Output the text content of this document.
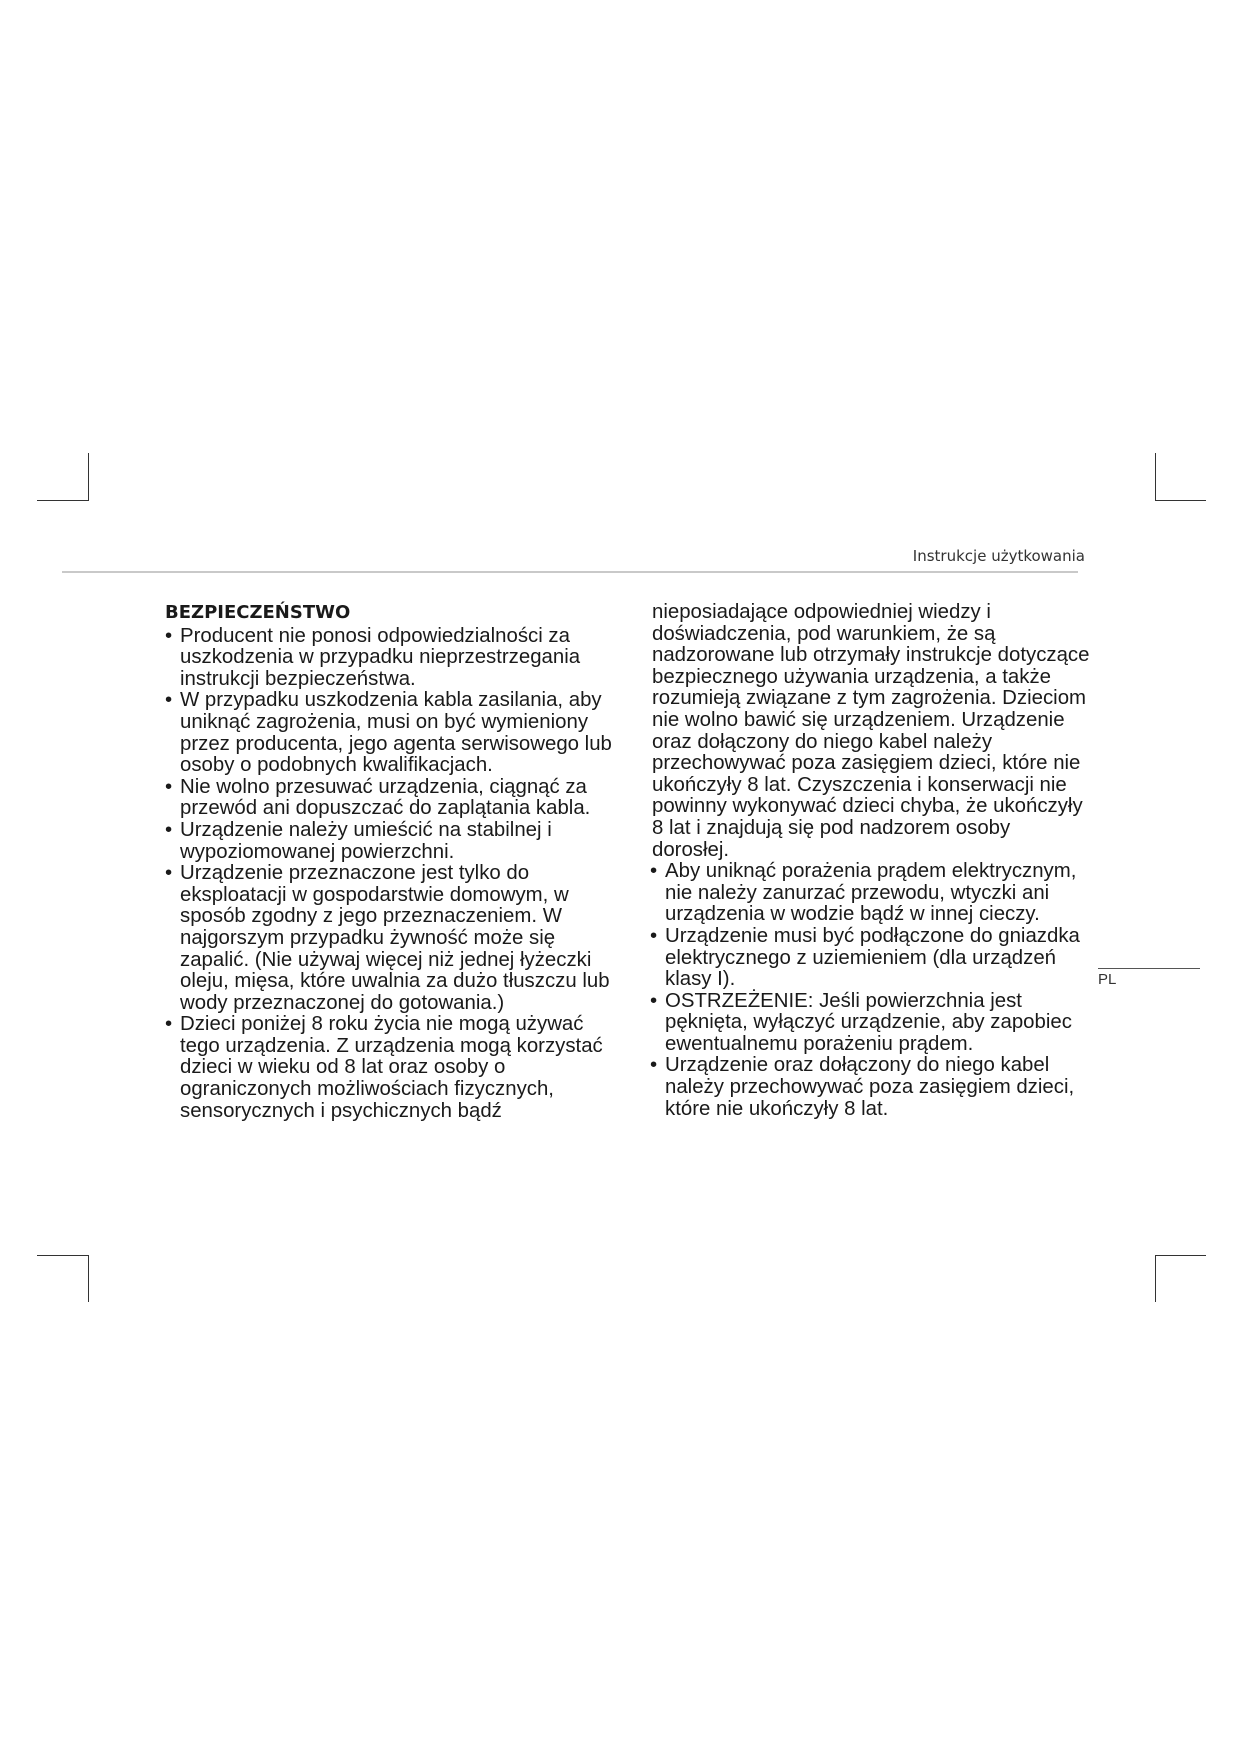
Instrukcje użytkowania
BEZPIECZEŃSTWO
• Producent nie ponosi odpowiedzialności za uszkodzenia w przypadku nieprzestrzegania instrukcji bezpieczeństwa.
• W przypadku uszkodzenia kabla zasilania, aby uniknąć zagrożenia, musi on być wymieniony przez producenta, jego agenta serwisowego lub osoby o podobnych kwalifikacjach.
• Nie wolno przesuwać urządzenia, ciągnąć za przewód ani dopuszczać do zaplątania kabla.
• Urządzenie należy umieścić na stabilnej i wypoziomowanej powierzchni.
• Urządzenie przeznaczone jest tylko do eksploatacji w gospodarstwie domowym, w sposób zgodny z jego przeznaczeniem. W najgorszym przypadku żywność może się zapalić. (Nie używaj więcej niż jednej łyżeczki oleju, mięsa, które uwalnia za dużo tłuszczu lub wody przeznaczonej do gotowania.)
• Dzieci poniżej 8 roku życia nie mogą używać tego urządzenia. Z urządzenia mogą korzystać dzieci w wieku od 8 lat oraz osoby o ograniczonych możliwościach fizycznych, sensorycznych i psychicznych bądź

nieposiadające odpowiedniej wiedzy i doświadczenia, pod warunkiem, że są nadzorowane lub otrzymały instrukcje dotyczące bezpiecznego używania urządzenia, a także rozumieją związane z tym zagrożenia. Dzieciom nie wolno bawić się urządzeniem. Urządzenie oraz dołączony do niego kabel należy przechowywać poza zasięgiem dzieci, które nie ukończyły 8 lat. Czyszczenia i konserwacji nie powinny wykonywać dzieci chyba, że ukończyły 8 lat i znajdują się pod nadzorem osoby dorosłej.

• Aby uniknąć porażenia prądem elektrycznym, nie należy zanurzać przewodu, wtyczki ani urządzenia w wodzie bądź w innej cieczy.
• Urządzenie musi być podłączone do gniazdka elektrycznego z uziemieniem (dla urządzeń klasy I).
• OSTRZEŻENIE: Jeśli powierzchnia jest pęknięta, wyłączyć urządzenie, aby zapobiec ewentualnemu porażeniu prądem.
• Urządzenie oraz dołączony do niego kabel należy przechowywać poza zasięgiem dzieci, które nie ukończyły 8 lat.
PL
